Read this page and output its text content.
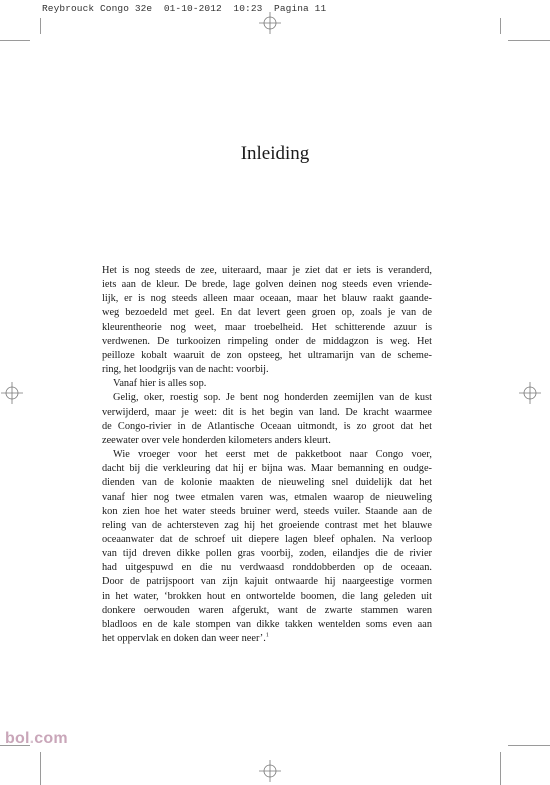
Reybrouck Congo 32e  01-10-2012  10:23  Pagina 11
Inleiding

Het is nog steeds de zee, uiteraard, maar je ziet dat er iets is veranderd,

iets aan de kleur. De brede, lage golven deinen nog steeds even vriende-

lijk, er is nog steeds alleen maar oceaan, maar het blauw raakt gaande-

weg bezoedeld met geel. En dat levert geen groen op, zoals je van de

kleurentheorie nog weet, maar troebelheid. Het schitterende azuur is

verdwenen. De turkooizen rimpeling onder de middagzon is weg. Het

peilloze kobalt waaruit de zon opsteeg, het ultramarijn van de scheme-

ring, het loodgrijs van de nacht: voorbij.

Vanaf hier is alles sop.

Gelig, oker, roestig sop. Je bent nog honderden zeemijlen van de kust

verwijderd, maar je weet: dit is het begin van land. De kracht waarmee

de Congo-rivier in de Atlantische Oceaan uitmondt, is zo groot dat het

zeewater over vele honderden kilometers anders kleurt.

Wie vroeger voor het eerst met de pakketboot naar Congo voer,

dacht bij die verkleuring dat hij er bijna was. Maar bemanning en oudge-

dienden van de kolonie maakten de nieuweling snel duidelijk dat het

vanaf hier nog twee etmalen varen was, etmalen waarop de nieuweling

kon zien hoe het water steeds bruiner werd, steeds vuiler. Staande aan de

reling van de achtersteven zag hij het groeiende contrast met het blauwe

oceaanwater dat de schroef uit diepere lagen bleef ophalen. Na verloop

van tijd dreven dikke pollen gras voorbij, zoden, eilandjes die de rivier

had uitgespuwd en die nu verdwaasd ronddobberden op de oceaan.

Door de patrijspoort van zijn kajuit ontwaarde hij naargeestige vormen

in het water, ‘brokken hout en ontwortelde boomen, die lang geleden uit

donkere oerwouden waren afgerukt, want de zwarte stammen waren

bladloos en de kale stompen van dikke takken wentelden soms even aan

het oppervlak en doken dan weer neer’.$^1$

bol.com
